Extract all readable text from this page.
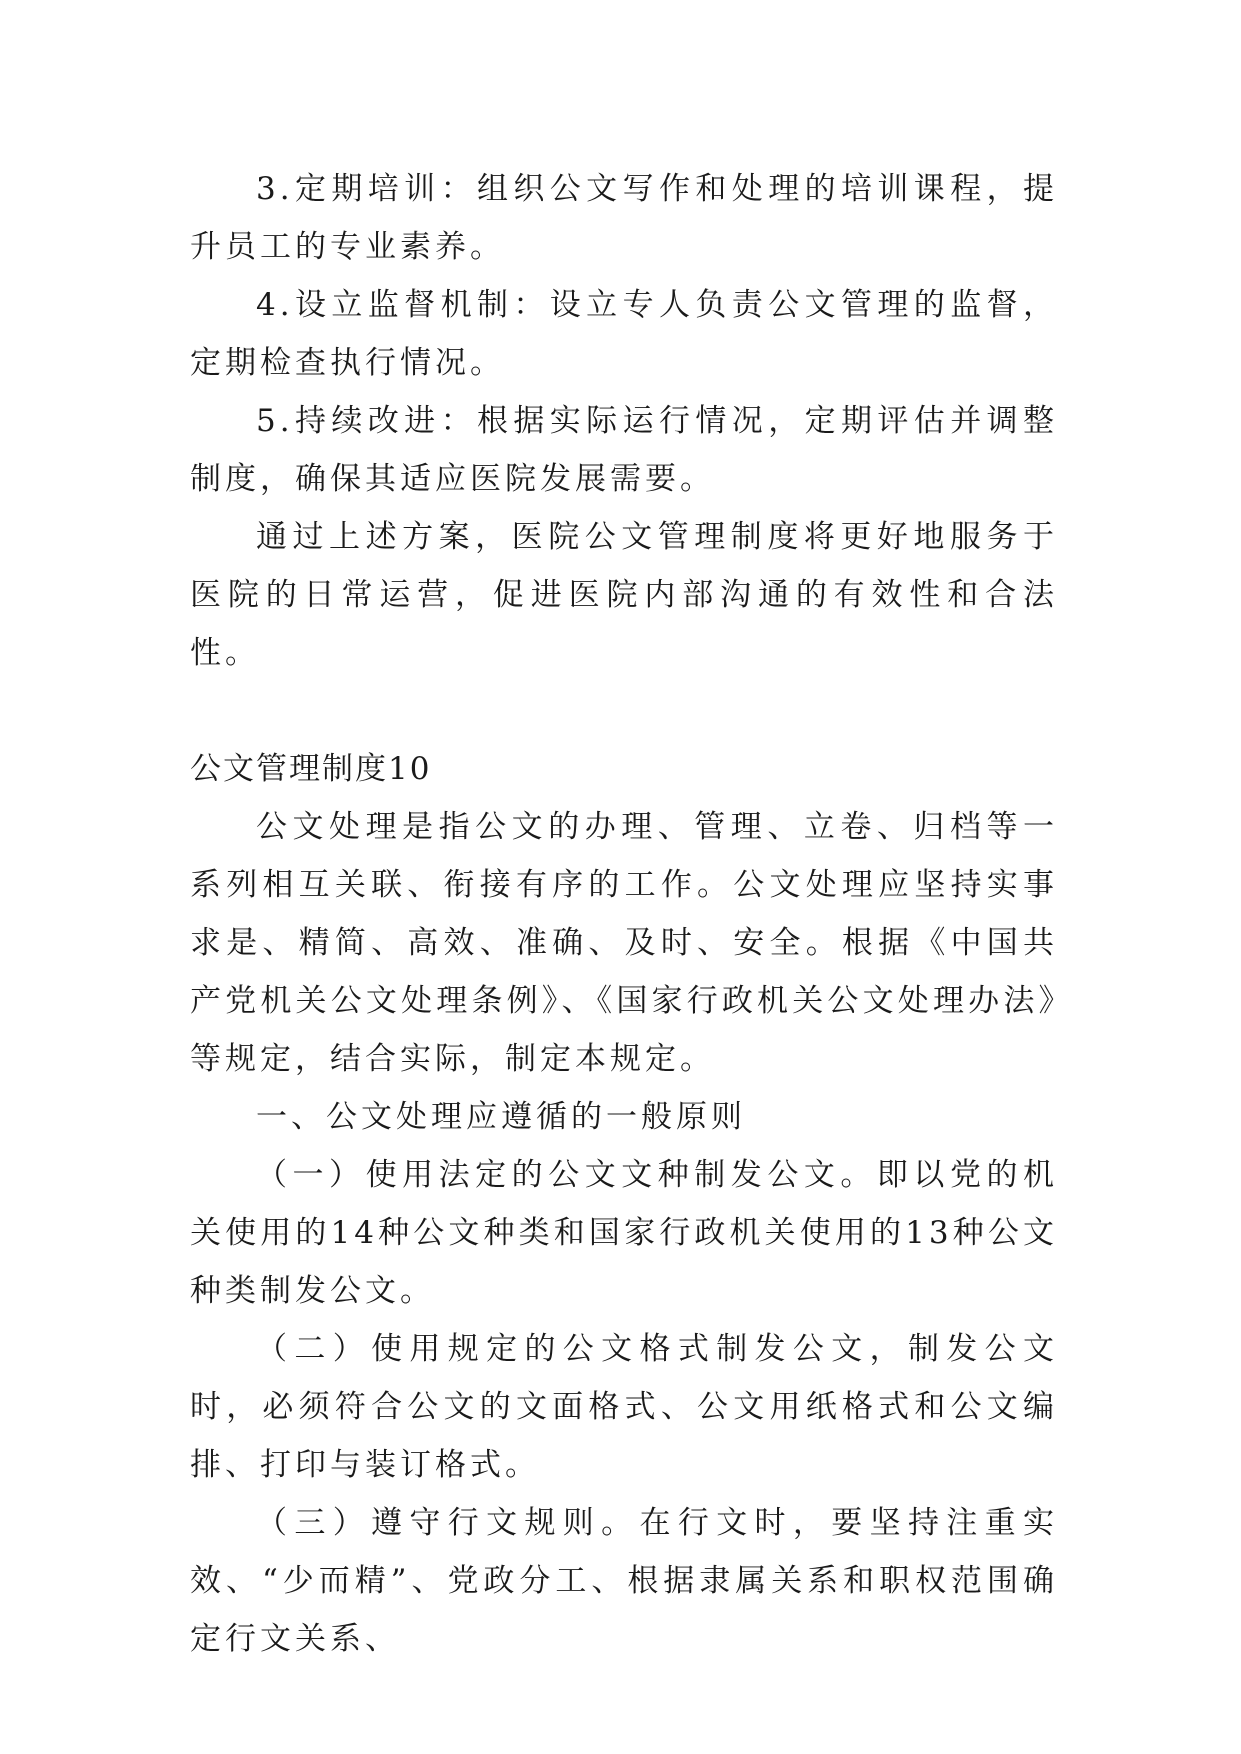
3.定期培训：组织公文写作和处理的培训课程，提升员工的专业素养。

4.设立监督机制：设立专人负责公文管理的监督，定期检查执行情况。

5.持续改进：根据实际运行情况，定期评估并调整制度，确保其适应医院发展需要。

通过上述方案，医院公文管理制度将更好地服务于医院的日常运营，促进医院内部沟通的有效性和合法性。

公文管理制度10

公文处理是指公文的办理、管理、立卷、归档等一系列相互关联、衔接有序的工作。公文处理应坚持实事求是、精简、高效、准确、及时、安全。根据《中国共产党机关公文处理条例》、《国家行政机关公文处理办法》等规定，结合实际，制定本规定。

一、公文处理应遵循的一般原则

（一）使用法定的公文文种制发公文。即以党的机关使用的14种公文种类和国家行政机关使用的13种公文种类制发公文。

（二）使用规定的公文格式制发公文，制发公文时，必须符合公文的文面格式、公文用纸格式和公文编排、打印与装订格式。

（三）遵守行文规则。在行文时，要坚持注重实效、“少而精”、党政分工、根据隶属关系和职权范围确定行文关系、
